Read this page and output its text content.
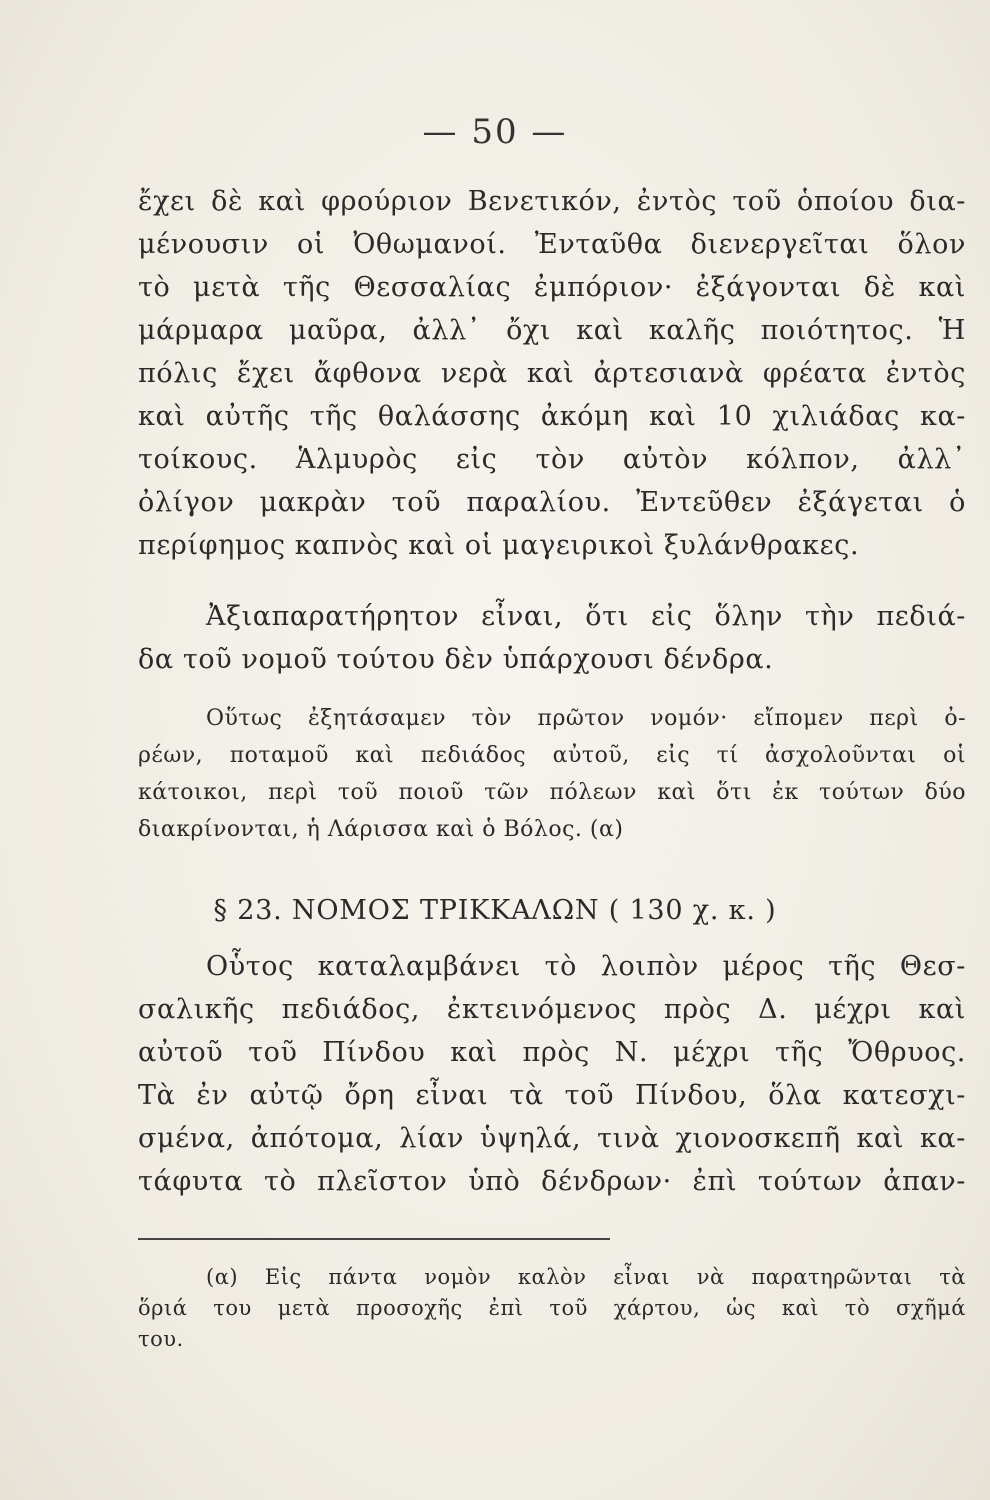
— 50 —
ἔχει δὲ καὶ φρούριον Βενετικόν, ἐντὸς τοῦ ὁποίου δια-
μένουσιν οἱ Ὀθωμανοί. Ἐνταῦθα διενεργεῖται ὅλον
τὸ μετὰ τῆς Θεσσαλίας ἐμπόριον· ἐξάγονται δὲ καὶ
μάρμαρα μαῦρα, ἀλλ᾽ ὄχι καὶ καλῆς ποιότητος. Ἡ
πόλις ἔχει ἄφθονα νερὰ καὶ ἀρτεσιανὰ φρέατα ἐντὸς
καὶ αὐτῆς τῆς θαλάσσης ἀκόμη καὶ 10 χιλιάδας κα-
τοίκους. Ἁλμυρὸς εἰς τὸν αὐτὸν κόλπον, ἀλλ᾽
ὀλίγον μακρὰν τοῦ παραλίου. Ἐντεῦθεν ἐξάγεται ὁ
περίφημος καπνὸς καὶ οἱ μαγειρικοὶ ξυλάνθρακες.
Ἀξιαπαρατήρητον εἶναι, ὅτι εἰς ὅλην τὴν πεδιά-
δα τοῦ νομοῦ τούτου δὲν ὑπάρχουσι δένδρα.
Οὕτως ἐξητάσαμεν τὸν πρῶτον νομόν· εἴπομεν περὶ ὀ-
ρέων, ποταμοῦ καὶ πεδιάδος αὐτοῦ, εἰς τί ἀσχολοῦνται οἱ
κάτοικοι, περὶ τοῦ ποιοῦ τῶν πόλεων καὶ ὅτι ἐκ τούτων δύο
διακρίνονται, ἡ Λάρισσα καὶ ὁ Βόλος. (α)
§ 23. ΝΟΜΟΣ ΤΡΙΚΚΑΛΩΝ ( 130 χ. κ. )
Οὗτος καταλαμβάνει τὸ λοιπὸν μέρος τῆς Θεσ-
σαλικῆς πεδιάδος, ἐκτεινόμενος πρὸς Δ. μέχρι καὶ
αὐτοῦ τοῦ Πίνδου καὶ πρὸς Ν. μέχρι τῆς Ὄθρυος.
Τὰ ἐν αὐτῷ ὄρη εἶναι τὰ τοῦ Πίνδου, ὅλα κατεσχι-
σμένα, ἀπότομα, λίαν ὑψηλά, τινὰ χιονοσκεπῆ καὶ κα-
τάφυτα τὸ πλεῖστον ὑπὸ δένδρων· ἐπὶ τούτων ἀπαν-
(α) Εἰς πάντα νομὸν καλὸν εἶναι νὰ παρατηρῶνται τὰ
ὅριά του μετὰ προσοχῆς ἐπὶ τοῦ χάρτου, ὡς καὶ τὸ σχῆμά
του.
